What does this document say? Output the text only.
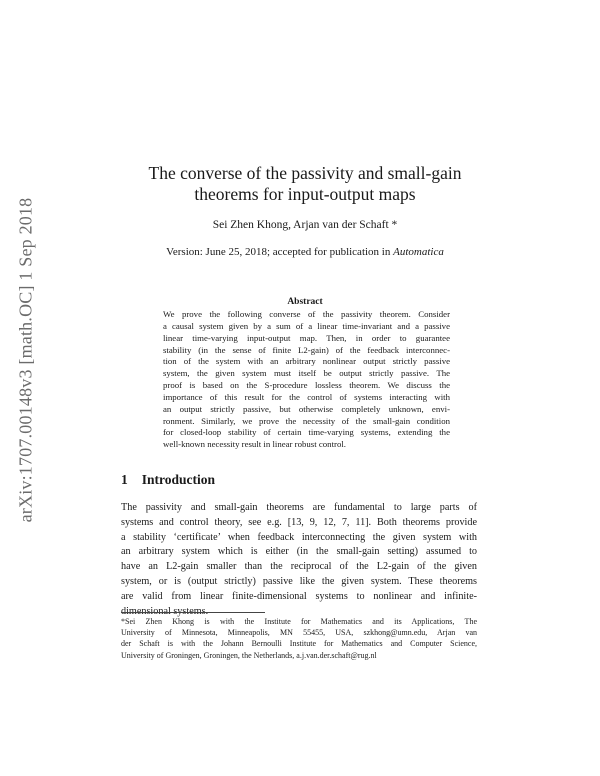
arXiv:1707.00148v3 [math.OC] 1 Sep 2018
The converse of the passivity and small-gain
theorems for input-output maps
Sei Zhen Khong, Arjan van der Schaft *
Version: June 25, 2018; accepted for publication in Automatica
Abstract
We prove the following converse of the passivity theorem. Consider
a causal system given by a sum of a linear time-invariant and a passive
linear time-varying input-output map. Then, in order to guarantee
stability (in the sense of finite L2-gain) of the feedback interconnec-
tion of the system with an arbitrary nonlinear output strictly passive
system, the given system must itself be output strictly passive. The
proof is based on the S-procedure lossless theorem. We discuss the
importance of this result for the control of systems interacting with
an output strictly passive, but otherwise completely unknown, envi-
ronment. Similarly, we prove the necessity of the small-gain condition
for closed-loop stability of certain time-varying systems, extending the
well-known necessity result in linear robust control.
1 Introduction
The passivity and small-gain theorems are fundamental to large parts of
systems and control theory, see e.g. [13, 9, 12, 7, 11]. Both theorems provide
a stability ‘certificate’ when feedback interconnecting the given system with
an arbitrary system which is either (in the small-gain setting) assumed to
have an L2-gain smaller than the reciprocal of the L2-gain of the given
system, or is (output strictly) passive like the given system. These theorems
are valid from linear finite-dimensional systems to nonlinear and infinite-
dimensional systems.
*Sei Zhen Khong is with the Institute for Mathematics and its Applications, The
University of Minnesota, Minneapolis, MN 55455, USA, szkhong@umn.edu, Arjan van
der Schaft is with the Johann Bernoulli Institute for Mathematics and Computer Science,
University of Groningen, Groningen, the Netherlands, a.j.van.der.schaft@rug.nl
